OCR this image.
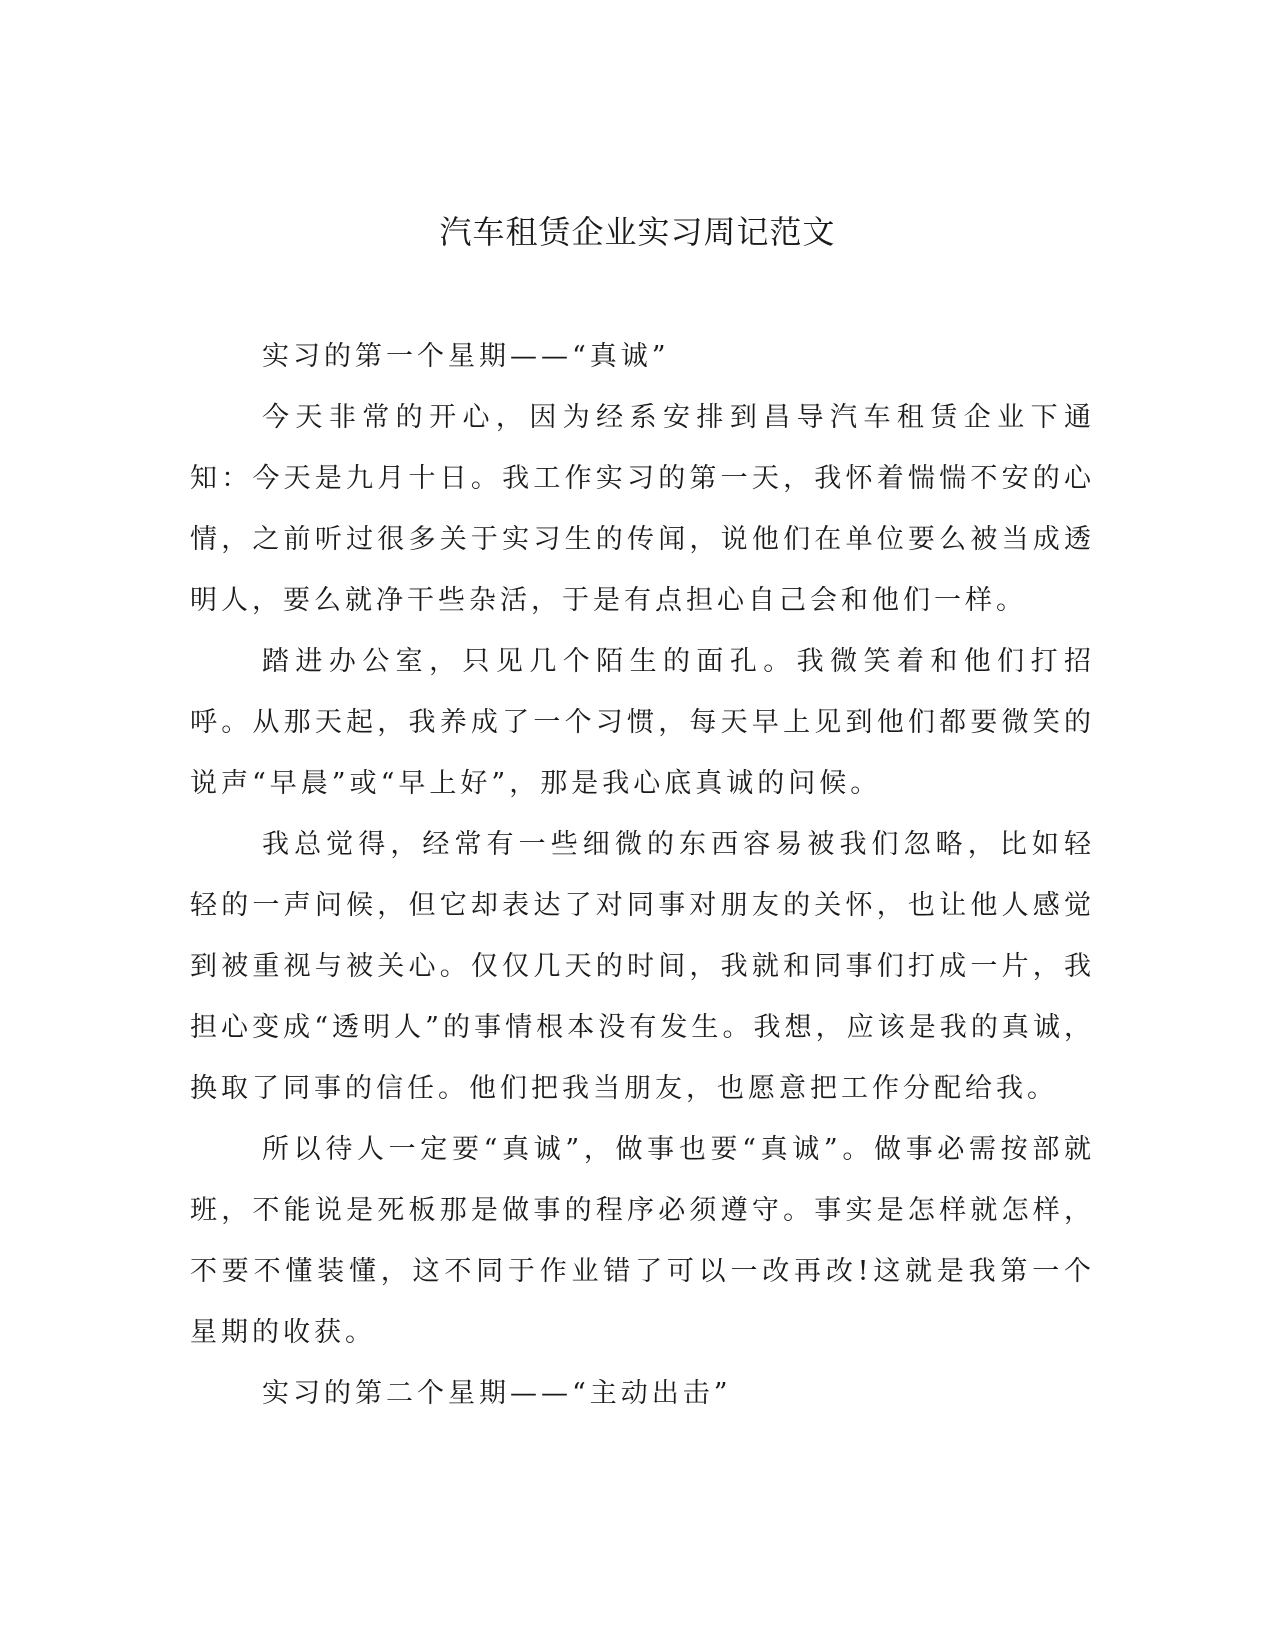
汽车租赁企业实习周记范文

实习的第一个星期——“真诚”

今天非常的开心，因为经系安排到昌导汽车租赁企业下通知：今天是九月十日。我工作实习的第一天，我怀着惴惴不安的心情，之前听过很多关于实习生的传闻，说他们在单位要么被当成透明人，要么就净干些杂活，于是有点担心自己会和他们一样。

踏进办公室，只见几个陌生的面孔。我微笑着和他们打招呼。从那天起，我养成了一个习惯，每天早上见到他们都要微笑的说声“早晨”或“早上好”，那是我心底真诚的问候。

我总觉得，经常有一些细微的东西容易被我们忽略，比如轻轻的一声问候，但它却表达了对同事对朋友的关怀，也让他人感觉到被重视与被关心。仅仅几天的时间，我就和同事们打成一片，我担心变成“透明人”的事情根本没有发生。我想，应该是我的真诚，换取了同事的信任。他们把我当朋友，也愿意把工作分配给我。

所以待人一定要“真诚”，做事也要“真诚”。做事必需按部就班，不能说是死板那是做事的程序必须遵守。事实是怎样就怎样，不要不懂装懂，这不同于作业错了可以一改再改!这就是我第一个星期的收获。

实习的第二个星期——“主动出击”
